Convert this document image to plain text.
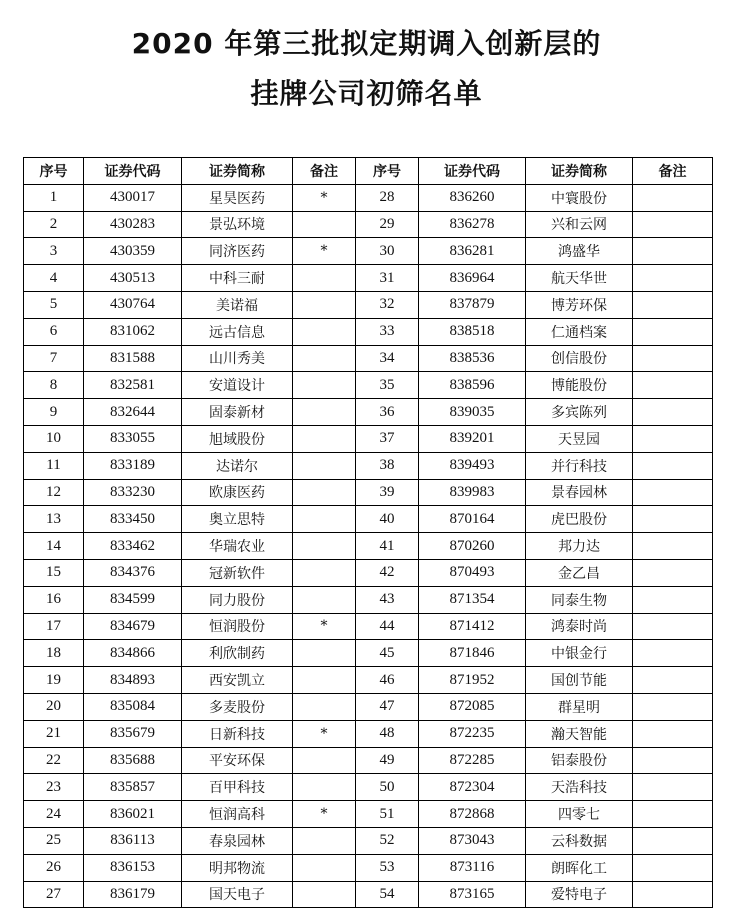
2020 年第三批拟定期调入创新层的
挂牌公司初筛名单
序号	证券代码	证券简称	备注	序号	证券代码	证券简称	备注
1	430017	星昊医药	*	28	836260	中寰股份	
2	430283	景弘环境		29	836278	兴和云网	
3	430359	同济医药	*	30	836281	鸿盛华	
4	430513	中科三耐		31	836964	航天华世	
5	430764	美诺福		32	837879	博芳环保	
6	831062	远古信息		33	838518	仁通档案	
7	831588	山川秀美		34	838536	创信股份	
8	832581	安道设计		35	838596	博能股份	
9	832644	固泰新材		36	839035	多宾陈列	
10	833055	旭域股份		37	839201	天昱园	
11	833189	达诺尔		38	839493	并行科技	
12	833230	欧康医药		39	839983	景春园林	
13	833450	奥立思特		40	870164	虎巴股份	
14	833462	华瑞农业		41	870260	邦力达	
15	834376	冠新软件		42	870493	金乙昌	
16	834599	同力股份		43	871354	同泰生物	
17	834679	恒润股份	*	44	871412	鸿泰时尚	
18	834866	利欣制药		45	871846	中银金行	
19	834893	西安凯立		46	871952	国创节能	
20	835084	多麦股份		47	872085	群星明	
21	835679	日新科技	*	48	872235	瀚天智能	
22	835688	平安环保		49	872285	铝泰股份	
23	835857	百甲科技		50	872304	天浩科技	
24	836021	恒润高科	*	51	872868	四零七	
25	836113	春泉园林		52	873043	云科数据	
26	836153	明邦物流		53	873116	朗晖化工	
27	836179	国天电子		54	873165	爱特电子	
